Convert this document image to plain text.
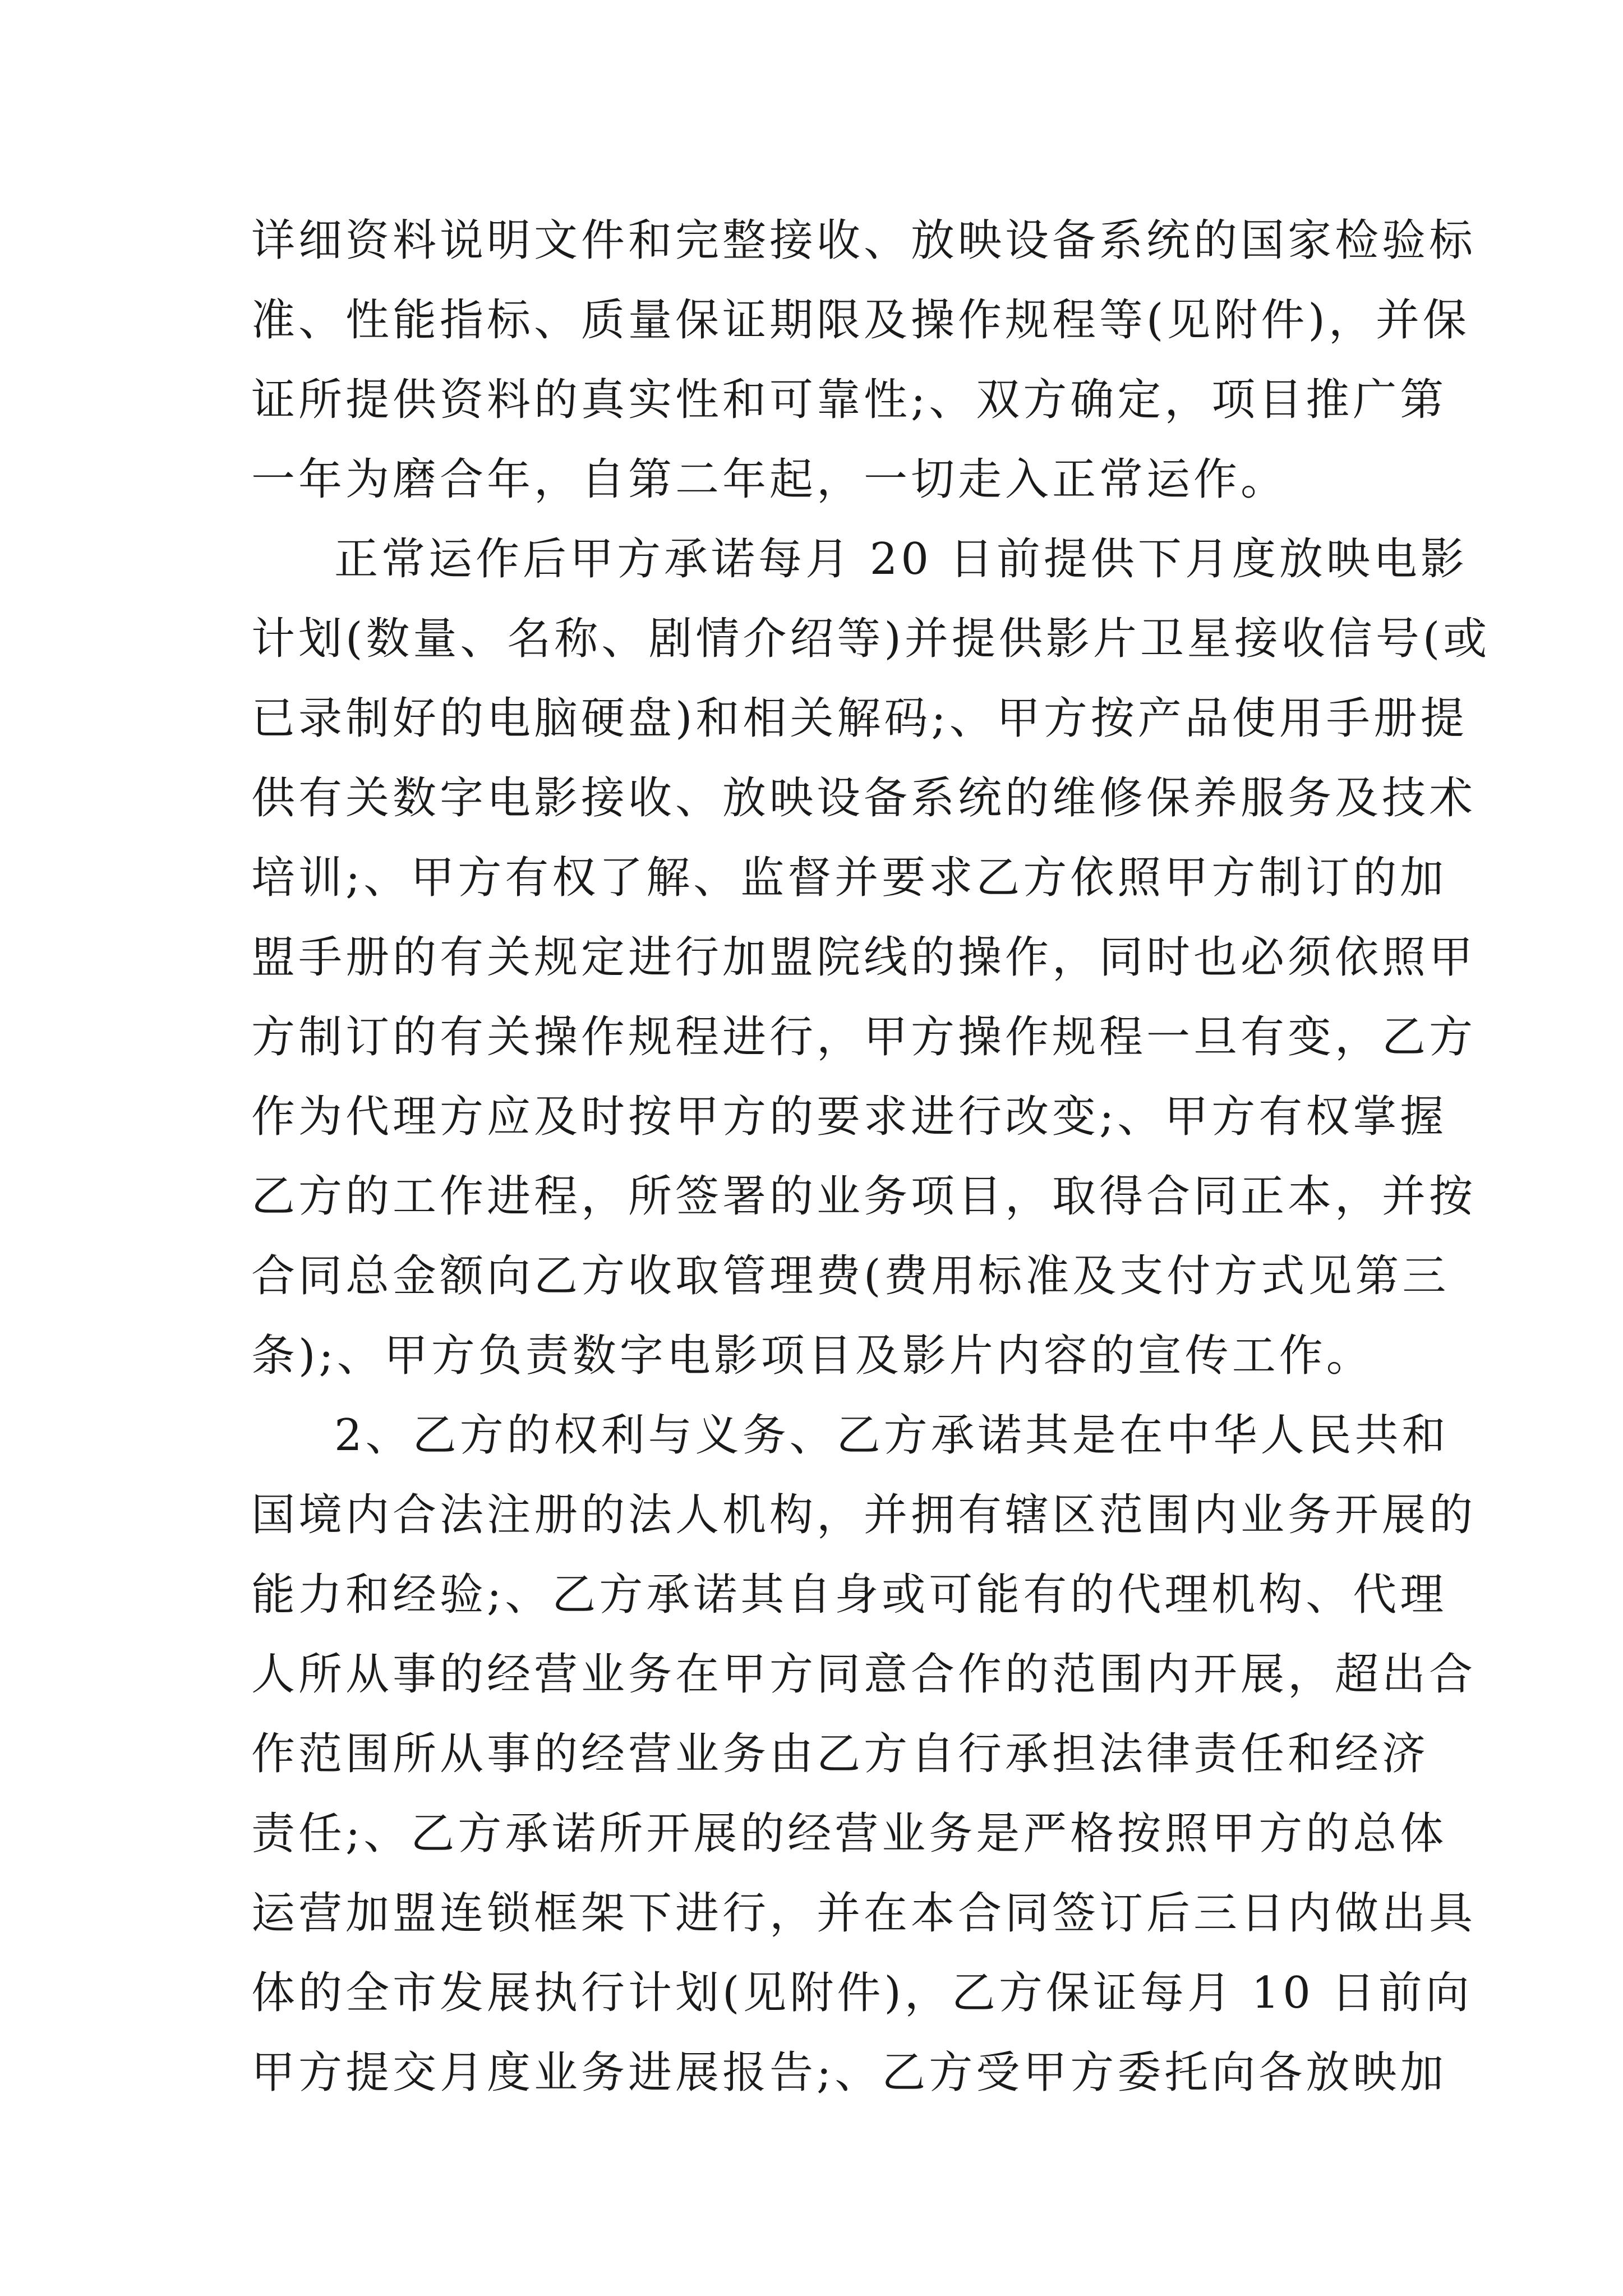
详细资料说明文件和完整接收、放映设备系统的国家检验标
准、性能指标、质量保证期限及操作规程等(见附件)，并保
证所提供资料的真实性和可靠性;、双方确定，项目推广第
一年为磨合年，自第二年起，一切走入正常运作。
正常运作后甲方承诺每月 20 日前提供下月度放映电影
计划(数量、名称、剧情介绍等)并提供影片卫星接收信号(或
已录制好的电脑硬盘)和相关解码;、甲方按产品使用手册提
供有关数字电影接收、放映设备系统的维修保养服务及技术
培训;、甲方有权了解、监督并要求乙方依照甲方制订的加
盟手册的有关规定进行加盟院线的操作，同时也必须依照甲
方制订的有关操作规程进行，甲方操作规程一旦有变，乙方
作为代理方应及时按甲方的要求进行改变;、甲方有权掌握
乙方的工作进程，所签署的业务项目，取得合同正本，并按
合同总金额向乙方收取管理费(费用标准及支付方式见第三
条);、甲方负责数字电影项目及影片内容的宣传工作。
2、乙方的权利与义务、乙方承诺其是在中华人民共和
国境内合法注册的法人机构，并拥有辖区范围内业务开展的
能力和经验;、乙方承诺其自身或可能有的代理机构、代理
人所从事的经营业务在甲方同意合作的范围内开展，超出合
作范围所从事的经营业务由乙方自行承担法律责任和经济
责任;、乙方承诺所开展的经营业务是严格按照甲方的总体
运营加盟连锁框架下进行，并在本合同签订后三日内做出具
体的全市发展执行计划(见附件)，乙方保证每月 10 日前向
甲方提交月度业务进展报告;、乙方受甲方委托向各放映加
